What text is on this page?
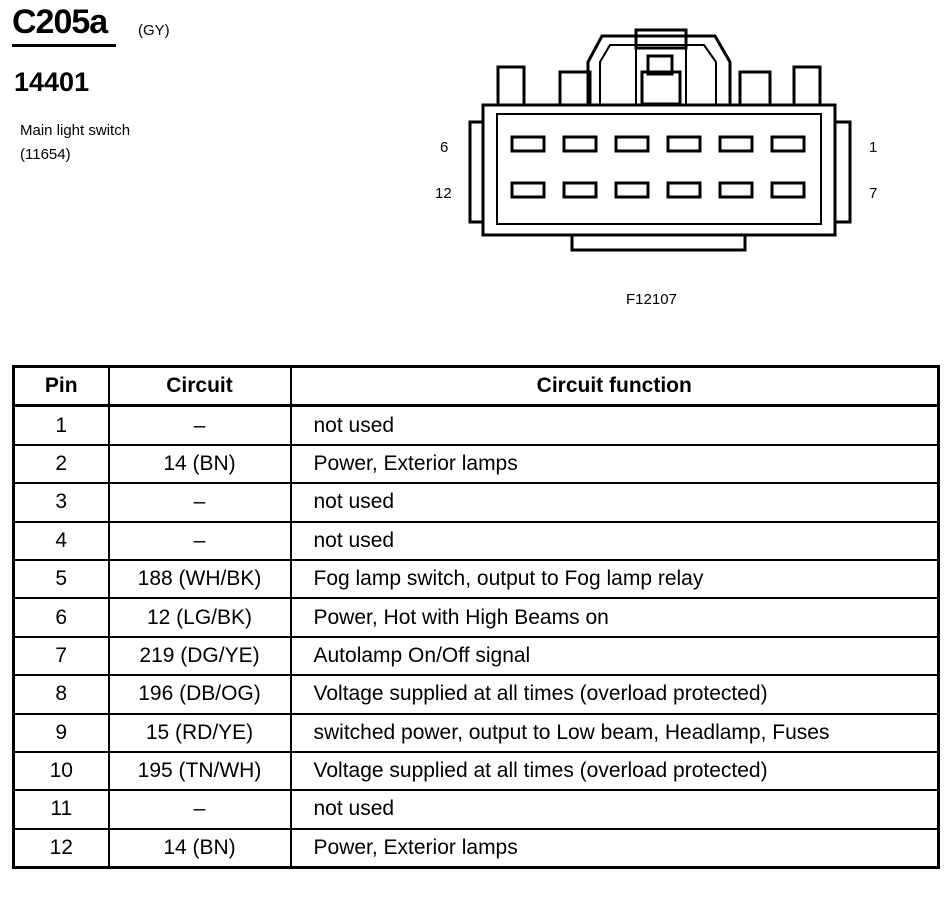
C205a (GY)
14401
Main light switch
(11654)	6	1
12	7
F12107
Pin	Circuit	Circuit function
1	–	not used
2	14 (BN)	Power, Exterior lamps
3	–	not used
4	–	not used
5	188 (WH/BK)	Fog lamp switch, output to Fog lamp relay
6	12 (LG/BK)	Power, Hot with High Beams on
7	219 (DG/YE)	Autolamp On/Off signal
8	196 (DB/OG)	Voltage supplied at all times (overload protected)
9	15 (RD/YE)	switched power, output to Low beam, Headlamp, Fuses
10	195 (TN/WH)	Voltage supplied at all times (overload protected)
11	–	not used
12	14 (BN)	Power, Exterior lamps
